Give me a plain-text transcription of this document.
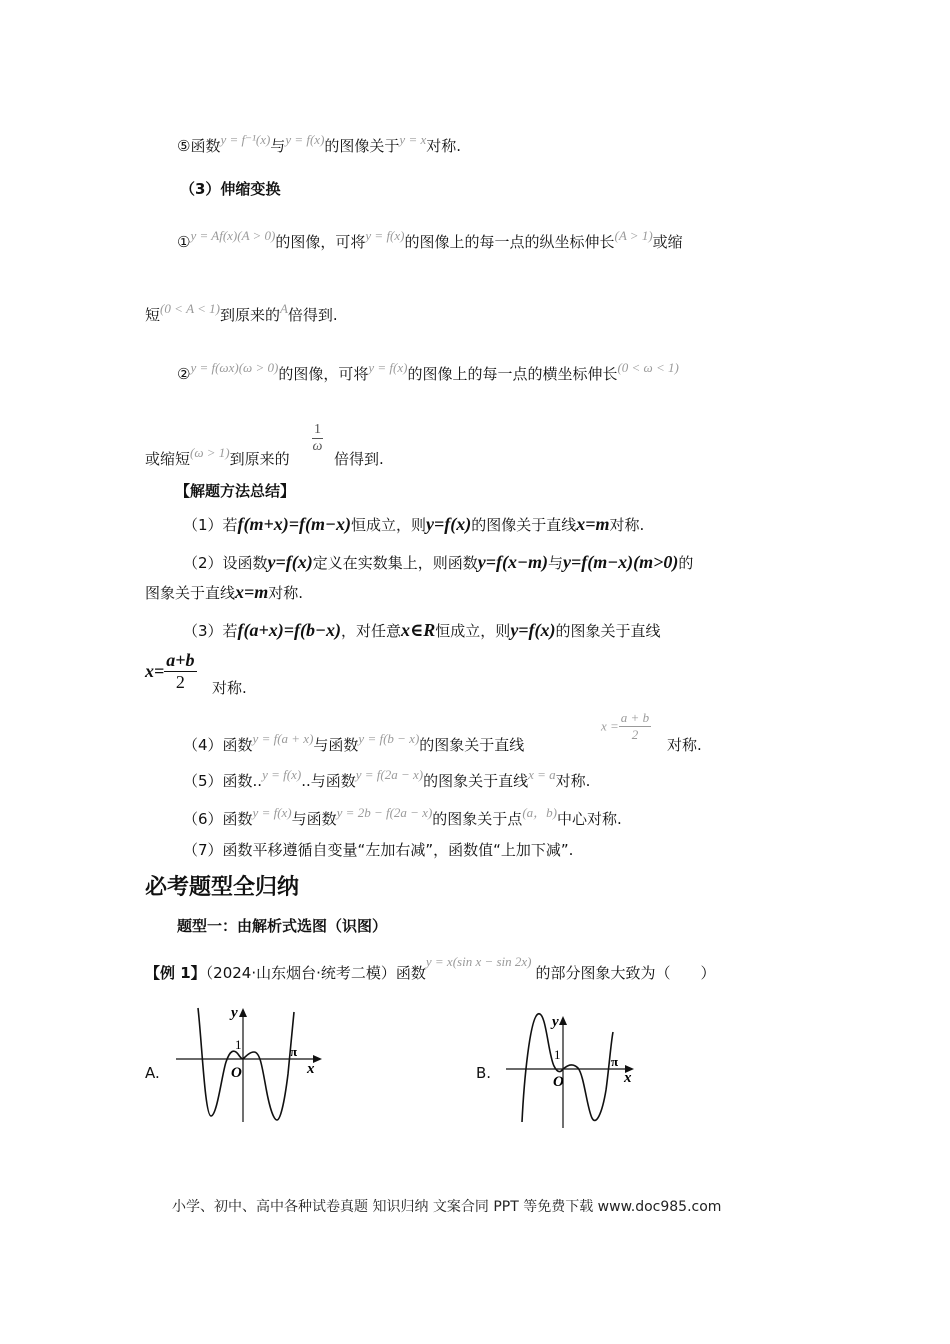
⑤函数y = f⁻¹(x)与y = f(x)的图像关于y = x对称.
（3）伸缩变换
①y = Af(x)(A > 0)的图像，可将y = f(x)的图像上的每一点的纵坐标伸长(A > 1)或缩
短(0 < A < 1)到原来的A倍得到.
②y = f(ωx)(ω > 0)的图像，可将y = f(x)的图像上的每一点的横坐标伸长(0 < ω < 1)
或缩短(ω > 1)到原来的
$\frac{1}{\omega}$
倍得到.
【解题方法总结】
（1）若f(m+x)=f(m−x)恒成立，则y=f(x)的图像关于直线x=m对称.
（2）设函数y=f(x)定义在实数集上，则函数y=f(x−m)与y=f(m−x)(m>0)的
图象关于直线x=m对称.
（3）若f(a+x)=f(b−x)，对任意x∈R恒成立，则y=f(x)的图象关于直线
$x= \frac{a+b}{2}$ 对称.
（4）函数y = f(a + x)与函数y = f(b − x)的图象关于直线
$x = \frac{a + b}{2}$
对称.
（5）函数..y = f(x)..与函数y = f(2a − x)的图象关于直线x = a对称.
（6）函数y = f(x)与函数y = 2b − f(2a − x)的图象关于点(a，b)中心对称.
（7）函数平移遵循自变量“左加右减”，函数值“上加下减”.
必考题型全归纳
题型一：由解析式选图（识图）
【例 1】（2024·山东烟台·统考二模）函数y = x(sin x − sin 2x)的部分图象大致为（　　）
A.
y
1
O
π
x	B.
y
1
O
π
x
小学、初中、高中各种试卷真题 知识归纳 文案合同 PPT 等免费下载 www.doc985.com
